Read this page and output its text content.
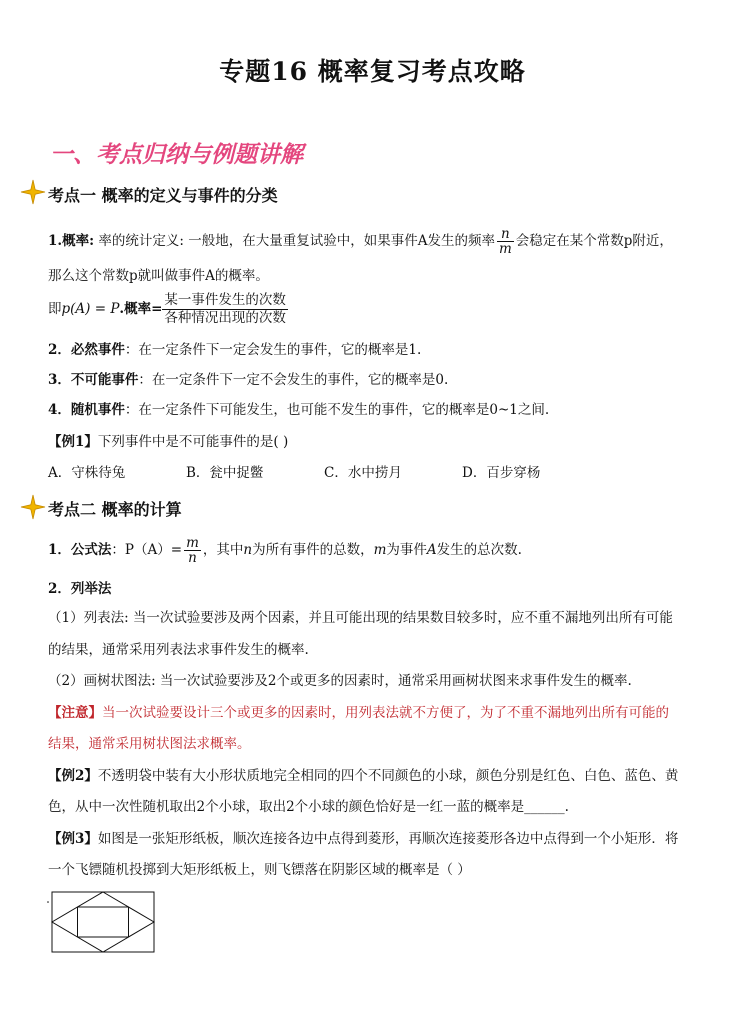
专题16 概率复习考点攻略
一、考点归纳与例题讲解
考点一 概率的定义与事件的分类
1.概率: 率的统计定义: 一般地，在大量重复试验中，如果事件A发生的频率 $\frac{n}{m}$ 会稳定在某个常数p附近，
那么这个常数p就叫做事件A的概率。
即p(A) = P.概率= $\frac{\text{某一事件发生的次数}}{\text{各种情况出现的次数}}$
2．必然事件：在一定条件下一定会发生的事件，它的概率是1.
3．不可能事件：在一定条件下一定不会发生的事件，它的概率是0.
4．随机事件：在一定条件下可能发生，也可能不发生的事件，它的概率是0~1之间.
【例1】下列事件中是不可能事件的是( )
A．守株待兔	B．瓮中捉鳖	C．水中捞月	D．百步穿杨
考点二 概率的计算
1．公式法：$P(A)= \frac{m}{n}$ ，其中n为所有事件的总数，m为事件A发生的总次数.
2．列举法
（1）列表法: 当一次试验要涉及两个因素，并且可能出现的结果数目较多时，应不重不漏地列出所有可能
的结果，通常采用列表法求事件发生的概率.
（2）画树状图法: 当一次试验要涉及2个或更多的因素时，通常采用画树状图来求事件发生的概率.
【注意】当一次试验要设计三个或更多的因素时，用列表法就不方便了，为了不重不漏地列出所有可能的
结果，通常采用树状图法求概率。
【例2】不透明袋中装有大小形状质地完全相同的四个不同颜色的小球，颜色分别是红色、白色、蓝色、黄
色，从中一次性随机取出2个小球，取出2个小球的颜色恰好是一红一蓝的概率是______.
【例3】如图是一张矩形纸板，顺次连接各边中点得到菱形，再顺次连接菱形各边中点得到一个小矩形．将
一个飞镖随机投掷到大矩形纸板上，则飞镖落在阴影区域的概率是（ ）
